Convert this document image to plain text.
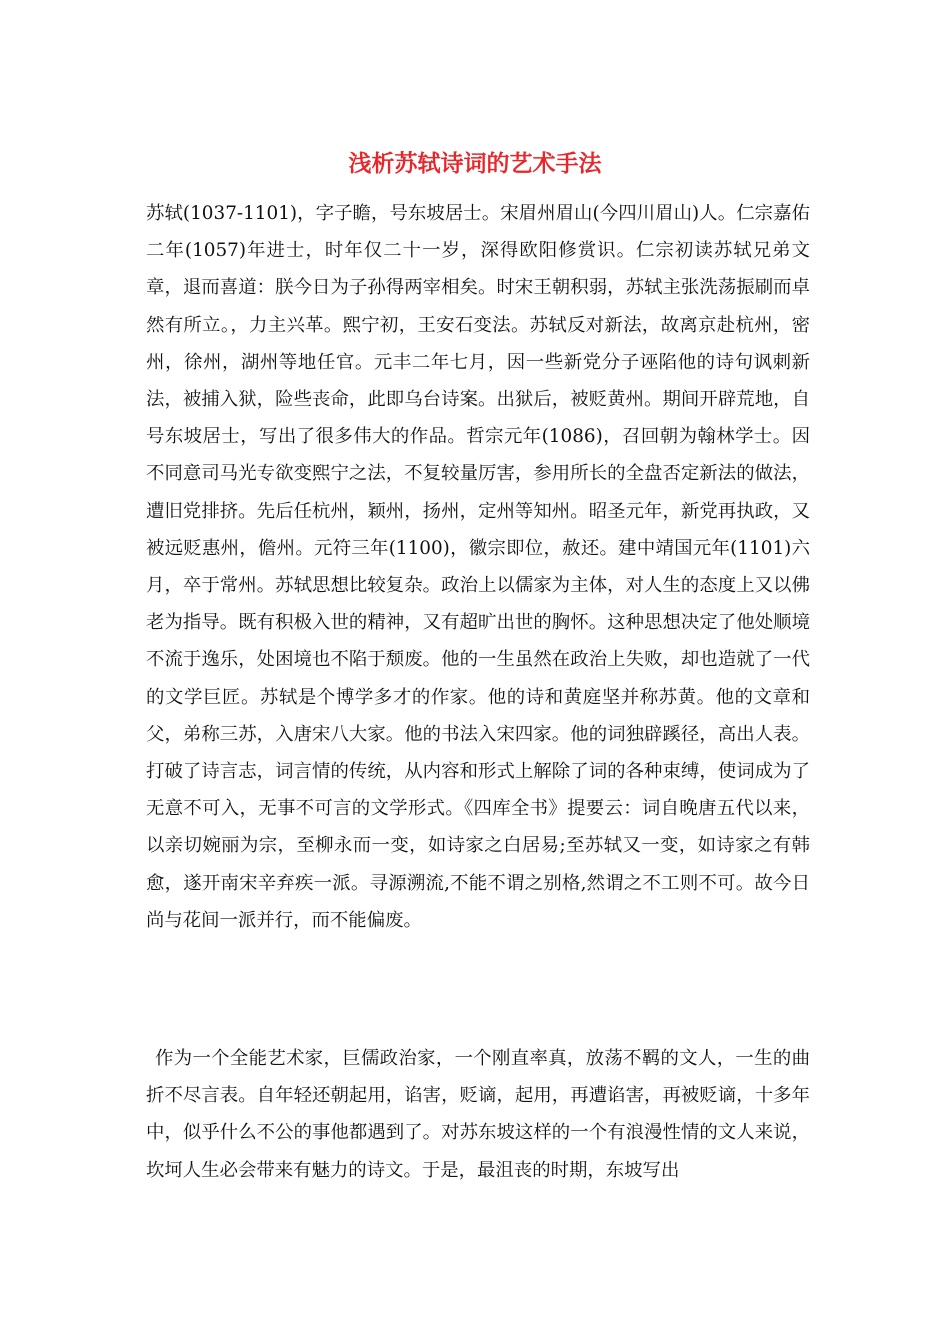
浅析苏轼诗词的艺术手法

苏轼(1037-1101)，字子瞻，号东坡居士。宋眉州眉山(今四川眉山)人。仁宗嘉佑二年(1057)年进士，时年仅二十一岁，深得欧阳修赏识。仁宗初读苏轼兄弟文章，退而喜道：朕今日为子孙得两宰相矣。时宋王朝积弱，苏轼主张洗荡振刷而卓然有所立。，力主兴革。熙宁初，王安石变法。苏轼反对新法，故离京赴杭州，密州，徐州，湖州等地任官。元丰二年七月，因一些新党分子诬陷他的诗句讽刺新法，被捕入狱，险些丧命，此即乌台诗案。出狱后，被贬黄州。期间开辟荒地，自号东坡居士，写出了很多伟大的作品。哲宗元年(1086)，召回朝为翰林学士。因不同意司马光专欲变熙宁之法，不复较量厉害，参用所长的全盘否定新法的做法，遭旧党排挤。先后任杭州，颖州，扬州，定州等知州。昭圣元年，新党再执政，又被远贬惠州，儋州。元符三年(1100)，徽宗即位，赦还。建中靖国元年(1101)六月，卒于常州。苏轼思想比较复杂。政治上以儒家为主体，对人生的态度上又以佛老为指导。既有积极入世的精神，又有超旷出世的胸怀。这种思想决定了他处顺境不流于逸乐，处困境也不陷于颓废。他的一生虽然在政治上失败，却也造就了一代的文学巨匠。苏轼是个博学多才的作家。他的诗和黄庭坚并称苏黄。他的文章和父，弟称三苏，入唐宋八大家。他的书法入宋四家。他的词独辟蹊径，高出人表。打破了诗言志，词言情的传统，从内容和形式上解除了词的各种束缚，使词成为了无意不可入，无事不可言的文学形式。《四库全书》提要云：词自晚唐五代以来，以亲切婉丽为宗，至柳永而一变，如诗家之白居易;至苏轼又一变，如诗家之有韩愈，遂开南宋辛弃疾一派。寻源溯流,不能不谓之别格,然谓之不工则不可。故今日尚与花间一派并行，而不能偏废。

作为一个全能艺术家，巨儒政治家，一个刚直率真，放荡不羁的文人，一生的曲折不尽言表。自年轻还朝起用，谄害，贬谪，起用，再遭谄害，再被贬谪，十多年中，似乎什么不公的事他都遇到了。对苏东坡这样的一个有浪漫性情的文人来说，坎坷人生必会带来有魅力的诗文。于是，最沮丧的时期，东坡写出
